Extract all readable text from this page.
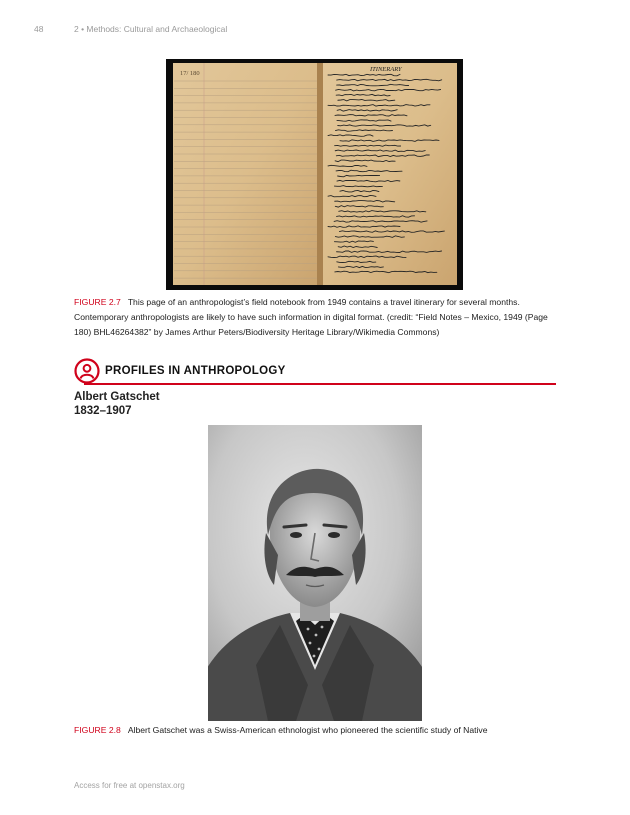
48	2 • Methods: Cultural and Archaeological
17/ 180
ITINERARY
FIGURE 2.7 This page of an anthropologist’s field notebook from 1949 contains a travel itinerary for several months. Contemporary anthropologists are likely to have such information in digital format. (credit: “Field Notes – Mexico, 1949 (Page 180) BHL46264382” by James Arthur Peters/Biodiversity Heritage Library/Wikimedia Commons)
PROFILES IN ANTHROPOLOGY
Albert Gatschet
1832–1907
FIGURE 2.8 Albert Gatschet was a Swiss-American ethnologist who pioneered the scientific study of Native
Access for free at openstax.org
